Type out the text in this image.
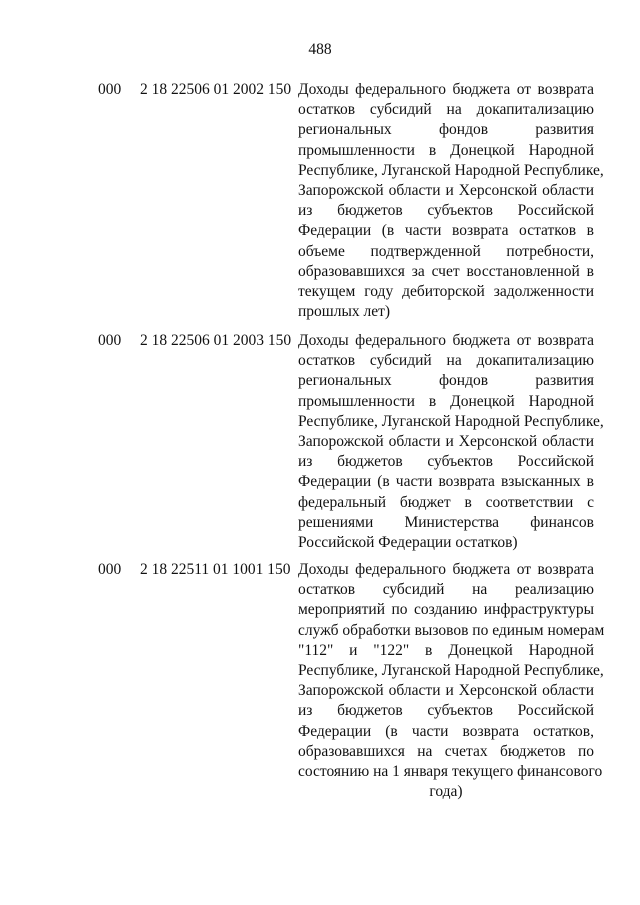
488
000 2 18 22506 01 2002 150 Доходы федерального бюджета от возврата
остатков субсидий на докапитализацию
региональных фондов развития
промышленности в Донецкой Народной
Республике, Луганской Народной Республике,
Запорожской области и Херсонской области
из бюджетов субъектов Российской
Федерации (в части возврата остатков в
объеме подтвержденной потребности,
образовавшихся за счет восстановленной в
текущем году дебиторской задолженности
прошлых лет)
000 2 18 22506 01 2003 150 Доходы федерального бюджета от возврата
остатков субсидий на докапитализацию
региональных фондов развития
промышленности в Донецкой Народной
Республике, Луганской Народной Республике,
Запорожской области и Херсонской области
из бюджетов субъектов Российской
Федерации (в части возврата взысканных в
федеральный бюджет в соответствии с
решениями Министерства финансов
Российской Федерации остатков)
000 2 18 22511 01 1001 150 Доходы федерального бюджета от возврата
остатков субсидий на реализацию
мероприятий по созданию инфраструктуры
служб обработки вызовов по единым номерам
"112" и "122" в Донецкой Народной
Республике, Луганской Народной Республике,
Запорожской области и Херсонской области
из бюджетов субъектов Российской
Федерации (в части возврата остатков,
образовавшихся на счетах бюджетов по
состоянию на 1 января текущего финансового
года)
